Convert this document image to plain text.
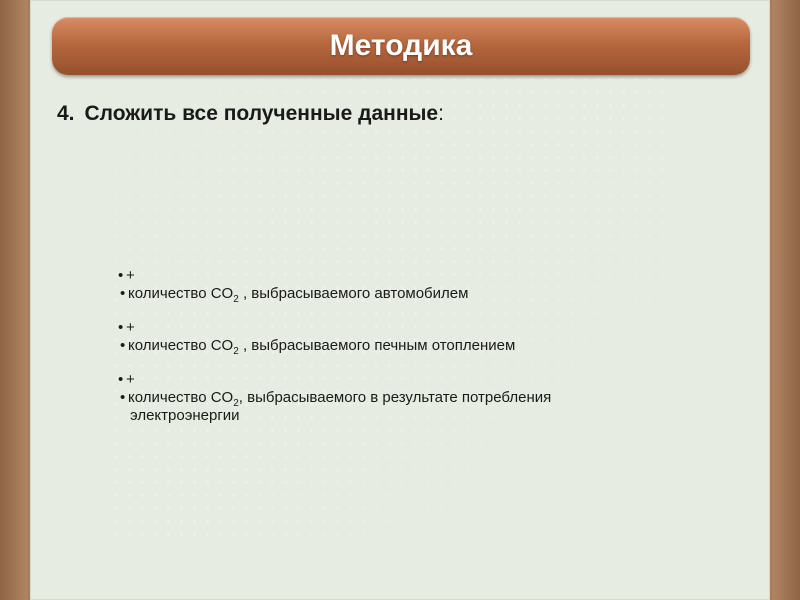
Методика
4. Сложить все полученные данные:
• +
• количество $CO_2$ , выбрасываемого автомобилем
• +
• количество $CO_2$ , выбрасываемого печным отоплением
• +
• количество $CO_2$, выбрасываемого в результате потребления
электроэнергии
